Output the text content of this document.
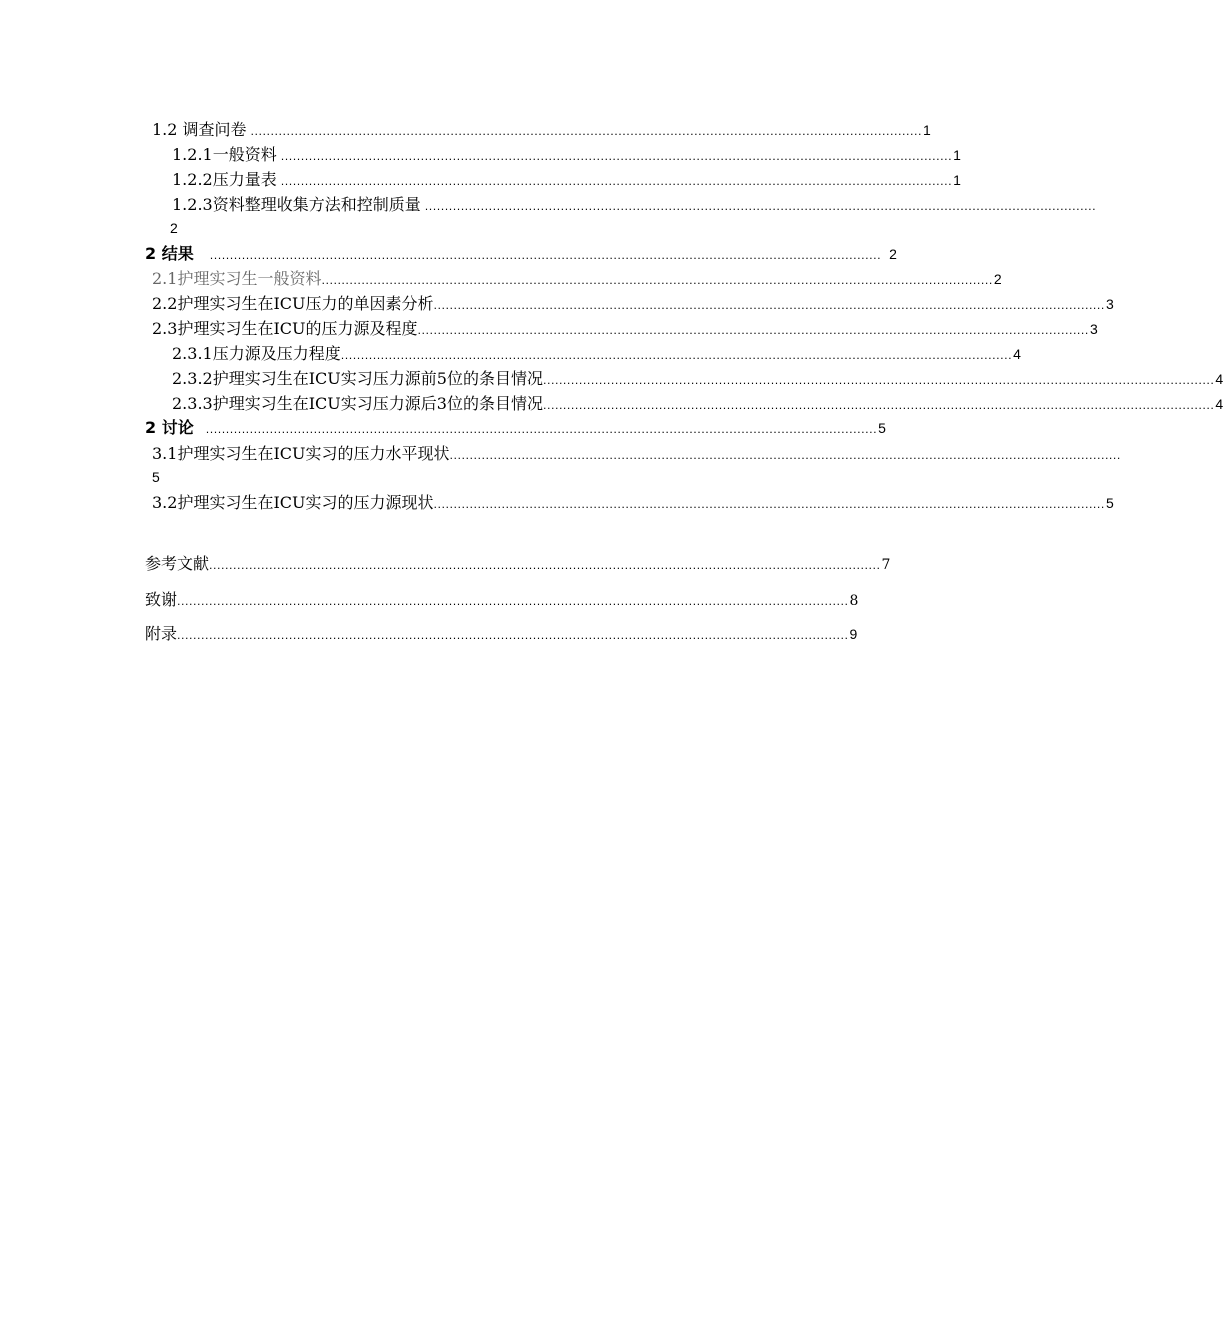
1.2 调查问卷 ........................................................................................................................................................................ 1
1.2.1一般资料 ........................................................................................................................................................................ 1
1.2.2压力量表 ........................................................................................................................................................................ 1
1.2.3资料整理收集方法和控制质量 ........................................................................................................................................................................
2
2 结果 ........................................................................................................................................................................ 2
2.1护理实习生一般资料 ........................................................................................................................................................................ 2
2.2护理实习生在ICU压力的单因素分析 ........................................................................................................................................................................ 3
2.3护理实习生在ICU的压力源及程度 ........................................................................................................................................................................ 3
2.3.1压力源及压力程度 ........................................................................................................................................................................ 4
2.3.2护理实习生在ICU实习压力源前5位的条目情况 ........................................................................................................................................................................ 4
2.3.3护理实习生在ICU实习压力源后3位的条目情况 ........................................................................................................................................................................ 4
2 讨论 ........................................................................................................................................................................ 5
3.1护理实习生在ICU实习的压力水平现状 ........................................................................................................................................................................
5
3.2护理实习生在ICU实习的压力源现状 ........................................................................................................................................................................ 5
参考文献 ........................................................................................................................................................................ 7
致谢 ........................................................................................................................................................................ 8
附录 ........................................................................................................................................................................ 9
